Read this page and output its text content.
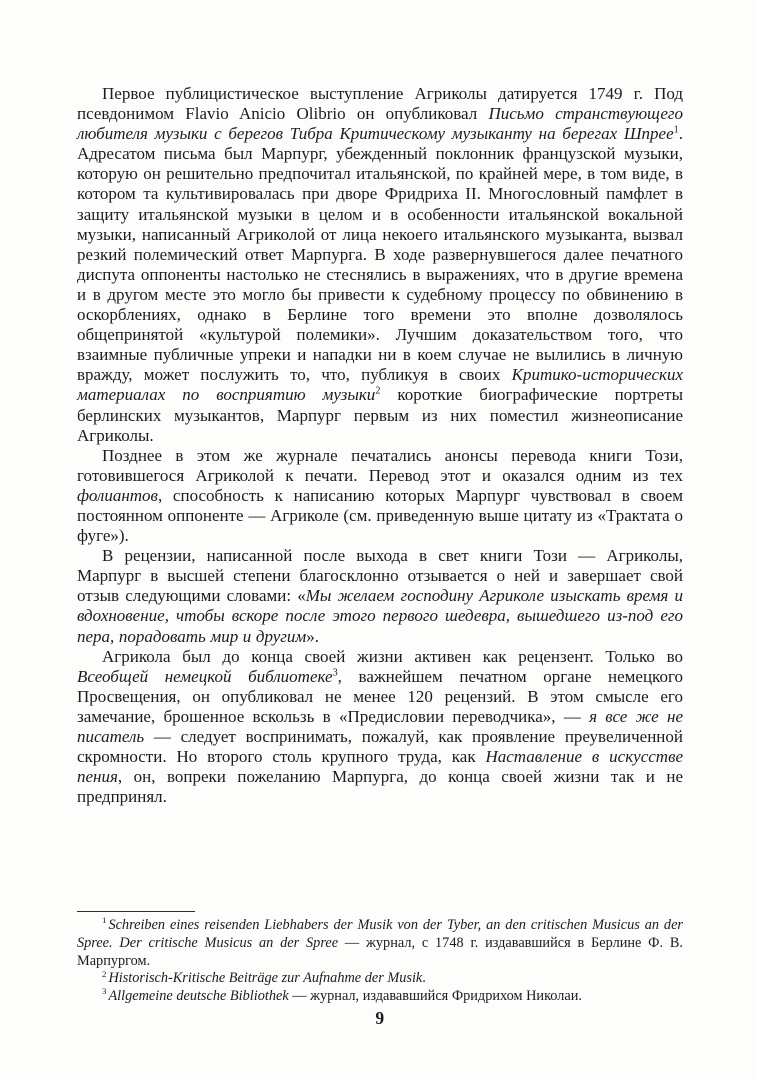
Первое публицистическое выступление Агриколы датируется 1749 г. Под псевдонимом Flavio Anicio Olibrio он опубликовал Письмо странствующего любителя музыки с берегов Тибра Критическому музыканту на берегах Шпрее$^1$. Адресатом письма был Марпург, убежденный поклонник французской музыки, которую он решительно предпочитал итальянской, по крайней мере, в том виде, в котором та культивировалась при дворе Фридриха II. Многословный памфлет в защиту итальянской музыки в целом и в особенности итальянской вокальной музыки, написанный Агриколой от лица некоего итальянского музыканта, вызвал резкий полемический ответ Марпурга. В ходе развернувшегося далее печатного диспута оппоненты настолько не стеснялись в выражениях, что в другие времена и в другом месте это могло бы привести к судебному процессу по обвинению в оскорблениях, однако в Берлине того времени это вполне дозволялось общепринятой «культурой полемики». Лучшим доказательством того, что взаимные публичные упреки и нападки ни в коем случае не вылились в личную вражду, может послужить то, что, публикуя в своих Критико-исторических материалах по восприятию музыки$^2$ короткие биографические портреты берлинских музыкантов, Марпург первым из них поместил жизнеописание Агриколы.

Позднее в этом же журнале печатались анонсы перевода книги Този, готовившегося Агриколой к печати. Перевод этот и оказался одним из тех фолиантов, способность к написанию которых Марпург чувствовал в своем постоянном оппоненте — Агриколе (см. приведенную выше цитату из «Трактата о фуге»).

В рецензии, написанной после выхода в свет книги Този — Агриколы, Марпург в высшей степени благосклонно отзывается о ней и завершает свой отзыв следующими словами: «Мы желаем господину Агриколе изыскать время и вдохновение, чтобы вскоре после этого первого шедевра, вышедшего из-под его пера, порадовать мир и другим».

Агрикола был до конца своей жизни активен как рецензент. Только во Всеобщей немецкой библиотеке$^3$, важнейшем печатном органе немецкого Просвещения, он опубликовал не менее 120 рецензий. В этом смысле его замечание, брошенное вскользь в «Предисловии переводчика», — я все же не писатель — следует воспринимать, пожалуй, как проявление преувеличенной скромности. Но второго столь крупного труда, как Наставление в искусстве пения, он, вопреки пожеланию Марпурга, до конца своей жизни так и не предпринял.

$^1$ Schreiben eines reisenden Liebhabers der Musik von der Tyber, an den critischen Musicus an der Spree. Der critische Musicus an der Spree — журнал, с 1748 г. издававшийся в Берлине Ф. В. Марпургом.

$^2$ Historisch-Kritische Beiträge zur Aufnahme der Musik.

$^3$ Allgemeine deutsche Bibliothek — журнал, издававшийся Фридрихом Николаи.

9
